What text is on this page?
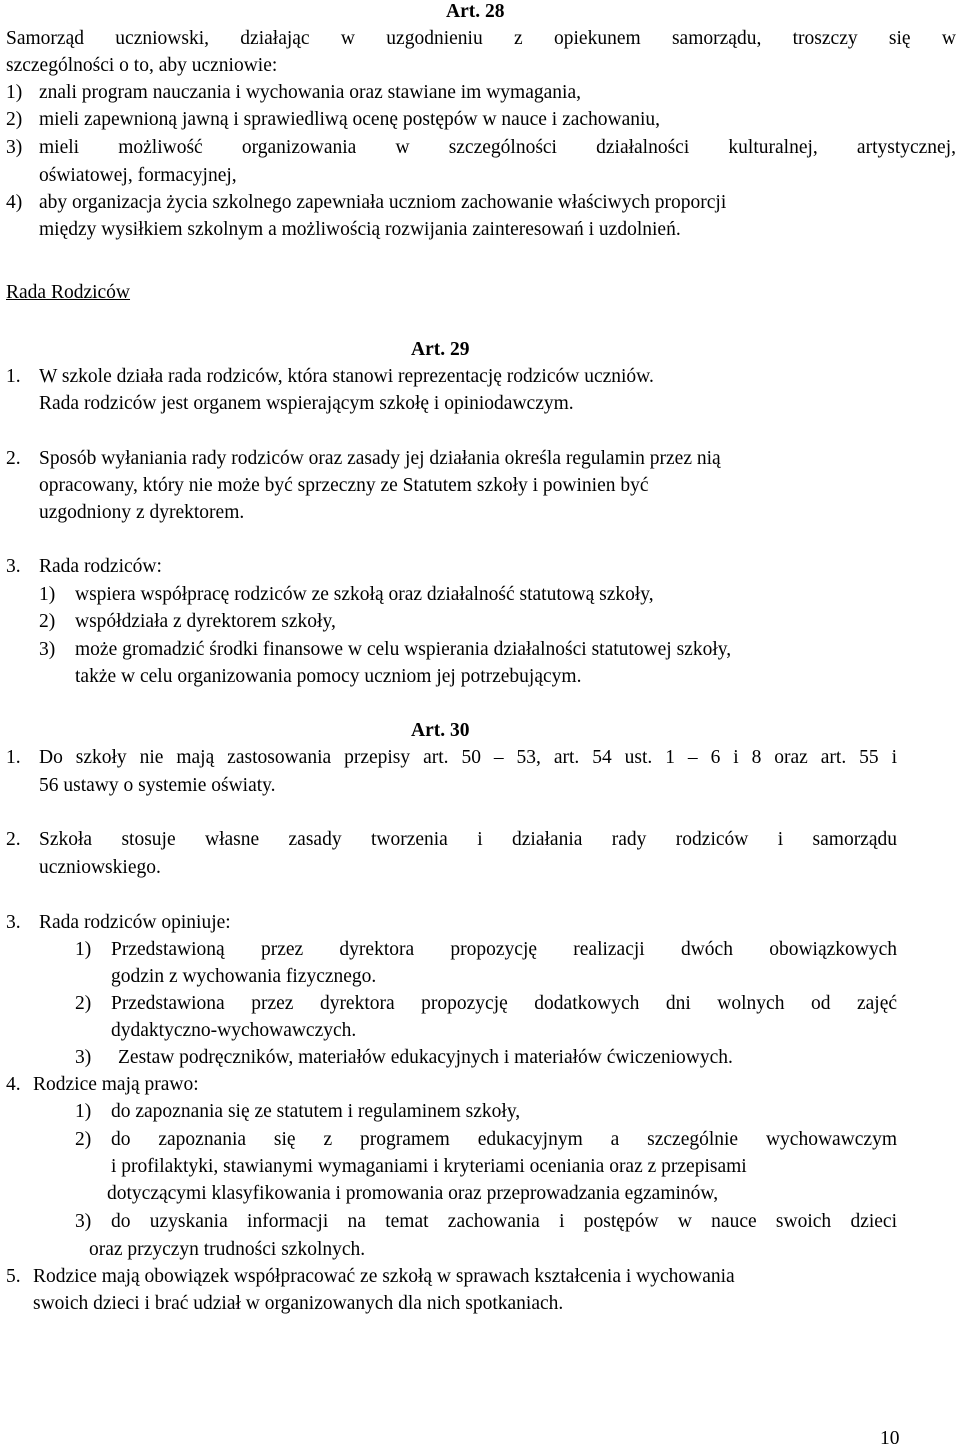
Art. 28
Samorząd uczniowski, działając w uzgodnieniu z opiekunem samorządu, troszczy się w
szczególności o to, aby uczniowie:
1) znali program nauczania i wychowania oraz stawiane im wymagania,
2) mieli zapewnioną jawną i sprawiedliwą ocenę postępów w nauce i zachowaniu,
3) mieli możliwość organizowania w szczególności działalności kulturalnej, artystycznej,
oświatowej, formacyjnej,
4) aby organizacja życia szkolnego zapewniała uczniom zachowanie właściwych proporcji
między wysiłkiem szkolnym a możliwością rozwijania zainteresowań i uzdolnień.
Rada Rodziców
Art. 29
1. W szkole działa rada rodziców, która stanowi reprezentację rodziców uczniów.
Rada rodziców jest organem wspierającym szkołę i opiniodawczym.
2. Sposób wyłaniania rady rodziców oraz zasady jej działania określa regulamin przez nią
opracowany, który nie może być sprzeczny ze Statutem szkoły i powinien być
uzgodniony z dyrektorem.
3. Rada rodziców:
1) wspiera współpracę rodziców ze szkołą oraz działalność statutową szkoły,
2) współdziała z dyrektorem szkoły,
3) może gromadzić środki finansowe w celu wspierania działalności statutowej szkoły,
także w celu organizowania pomocy uczniom jej potrzebującym.
Art. 30
1. Do szkoły nie mają zastosowania przepisy art. 50 – 53, art. 54 ust. 1 – 6 i 8 oraz art. 55 i
56 ustawy o systemie oświaty.
2. Szkoła stosuje własne zasady tworzenia i działania rady rodziców i samorządu
uczniowskiego.
3. Rada rodziców opiniuje:
1) Przedstawioną przez dyrektora propozycję realizacji dwóch obowiązkowych
godzin z wychowania fizycznego.
2) Przedstawiona przez dyrektora propozycję dodatkowych dni wolnych od zajęć
dydaktyczno-wychowawczych.
3) Zestaw podręczników, materiałów edukacyjnych i materiałów ćwiczeniowych.
4. Rodzice mają prawo:
1) do zapoznania się ze statutem i regulaminem szkoły,
2) do zapoznania się z programem edukacyjnym a szczególnie wychowawczym
i profilaktyki, stawianymi wymaganiami i kryteriami oceniania oraz z przepisami
dotyczącymi klasyfikowania i promowania oraz przeprowadzania egzaminów,
3) do uzyskania informacji na temat zachowania i postępów w nauce swoich dzieci
oraz przyczyn trudności szkolnych.
5. Rodzice mają obowiązek współpracować ze szkołą w sprawach kształcenia i wychowania
swoich dzieci i brać udział w organizowanych dla nich spotkaniach.
10
